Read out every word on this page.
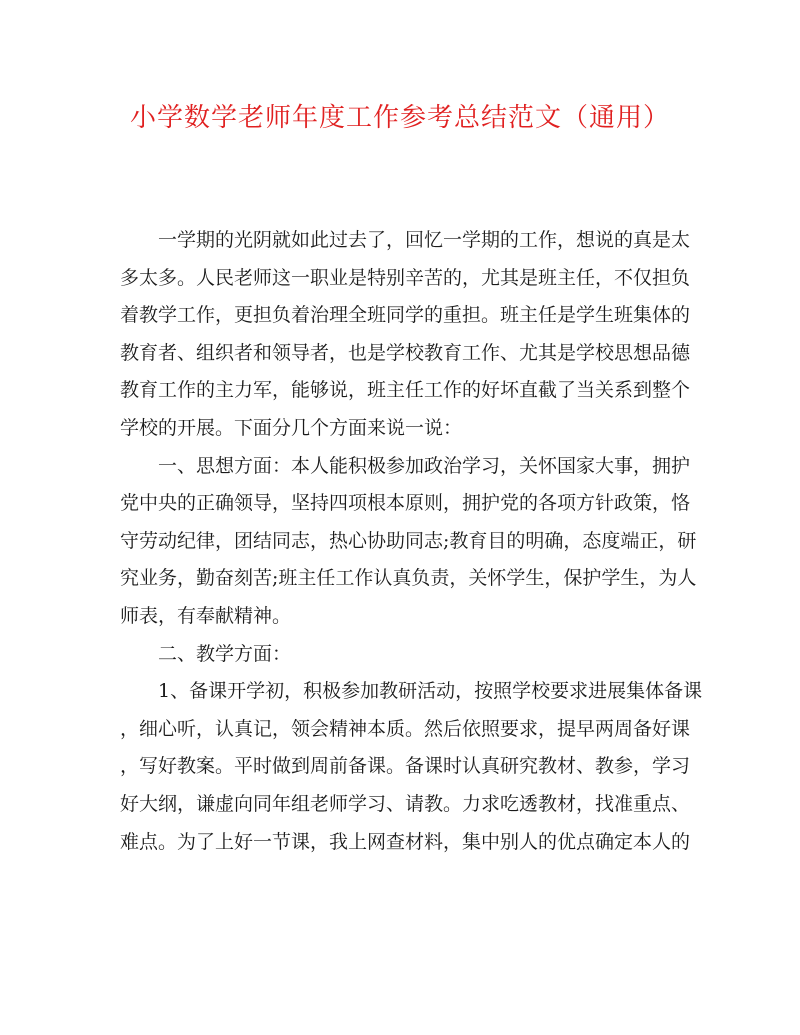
小学数学老师年度工作参考总结范文（通用）
一学期的光阴就如此过去了，回忆一学期的工作，想说的真是太
多太多。人民老师这一职业是特别辛苦的，尤其是班主任，不仅担负
着教学工作，更担负着治理全班同学的重担。班主任是学生班集体的
教育者、组织者和领导者，也是学校教育工作、尤其是学校思想品德
教育工作的主力军，能够说，班主任工作的好坏直截了当关系到整个
学校的开展。下面分几个方面来说一说：
一、思想方面：本人能积极参加政治学习，关怀国家大事，拥护
党中央的正确领导，坚持四项根本原则，拥护党的各项方针政策，恪
守劳动纪律，团结同志，热心协助同志;教育目的明确，态度端正，研
究业务，勤奋刻苦;班主任工作认真负责，关怀学生，保护学生，为人
师表，有奉献精神。
二、教学方面：
1、备课开学初，积极参加教研活动，按照学校要求进展集体备课
，细心听，认真记，领会精神本质。然后依照要求，提早两周备好课
，写好教案。平时做到周前备课。备课时认真研究教材、教参，学习
好大纲，谦虚向同年组老师学习、请教。力求吃透教材，找准重点、
难点。为了上好一节课，我上网查材料，集中别人的优点确定本人的
